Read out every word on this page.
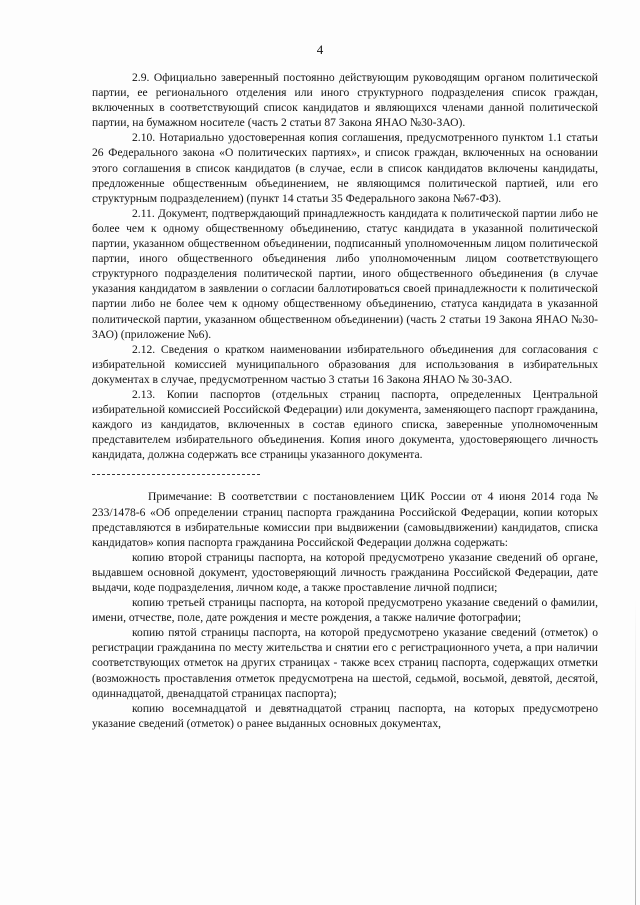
4

2.9. Официально заверенный постоянно действующим руководящим органом политической партии, ее регионального отделения или иного структурного подразделения список граждан, включенных в соответствующий список кандидатов и являющихся членами данной политической партии, на бумажном носителе (часть 2 статьи 87 Закона ЯНАО №30-ЗАО).

2.10. Нотариально удостоверенная копия соглашения, предусмотренного пунктом 1.1 статьи 26 Федерального закона «О политических партиях», и список граждан, включенных на основании этого соглашения в список кандидатов (в случае, если в список кандидатов включены кандидаты, предложенные общественным объединением, не являющимся политической партией, или его структурным подразделением) (пункт 14 статьи 35 Федерального закона №67-ФЗ).

2.11. Документ, подтверждающий принадлежность кандидата к политической партии либо не более чем к одному общественному объединению, статус кандидата в указанной политической партии, указанном общественном объединении, подписанный уполномоченным лицом политической партии, иного общественного объединения либо уполномоченным лицом соответствующего структурного подразделения политической партии, иного общественного объединения (в случае указания кандидатом в заявлении о согласии баллотироваться своей принадлежности к политической партии либо не более чем к одному общественному объединению, статуса кандидата в указанной политической партии, указанном общественном объединении) (часть 2 статьи 19 Закона ЯНАО №30-ЗАО) (приложение №6).

2.12. Сведения о кратком наименовании избирательного объединения для согласования с избирательной комиссией муниципального образования для использования в избирательных документах в случае, предусмотренном частью 3 статьи 16 Закона ЯНАО № 30-ЗАО.

2.13. Копии паспортов (отдельных страниц паспорта, определенных Центральной избирательной комиссией Российской Федерации) или документа, заменяющего паспорт гражданина, каждого из кандидатов, включенных в состав единого списка, заверенные уполномоченным представителем избирательного объединения. Копия иного документа, удостоверяющего личность кандидата, должна содержать все страницы указанного документа.

Примечание: В соответствии с постановлением ЦИК России от 4 июня 2014 года № 233/1478-6 «Об определении страниц паспорта гражданина Российской Федерации, копии которых представляются в избирательные комиссии при выдвижении (самовыдвижении) кандидатов, списка кандидатов» копия паспорта гражданина Российской Федерации должна содержать:

копию второй страницы паспорта, на которой предусмотрено указание сведений об органе, выдавшем основной документ, удостоверяющий личность гражданина Российской Федерации, дате выдачи, коде подразделения, личном коде, а также проставление личной подписи;

копию третьей страницы паспорта, на которой предусмотрено указание сведений о фамилии, имени, отчестве, поле, дате рождения и месте рождения, а также наличие фотографии;

копию пятой страницы паспорта, на которой предусмотрено указание сведений (отметок) о регистрации гражданина по месту жительства и снятии его с регистрационного учета, а при наличии соответствующих отметок на других страницах - также всех страниц паспорта, содержащих отметки (возможность проставления отметок предусмотрена на шестой, седьмой, восьмой, девятой, десятой, одиннадцатой, двенадцатой страницах паспорта);

копию восемнадцатой и девятнадцатой страниц паспорта, на которых предусмотрено указание сведений (отметок) о ранее выданных основных документах,
